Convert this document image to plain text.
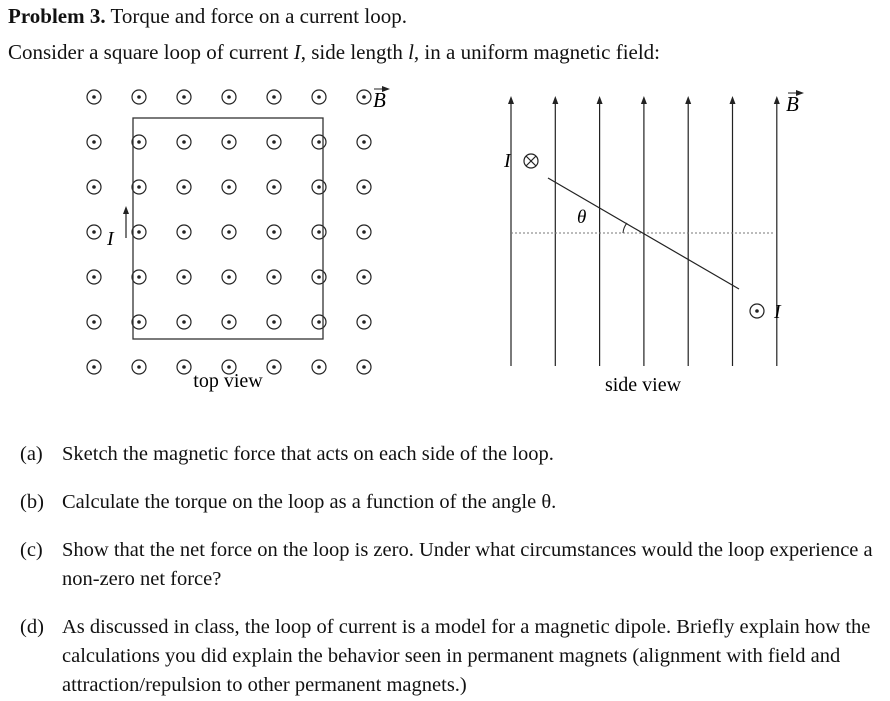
Problem 3. Torque and force on a current loop.
Consider a square loop of current I, side length l, in a uniform magnetic field:
I
B
top view
θ
I
I
B
side view
(a) Sketch the magnetic force that acts on each side of the loop.
(b) Calculate the torque on the loop as a function of the angle θ.
(c) Show that the net force on the loop is zero. Under what circumstances would the loop experience a non-zero net force?
(d) As discussed in class, the loop of current is a model for a magnetic dipole. Briefly explain how the calculations you did explain the behavior seen in permanent magnets (alignment with field and attraction/repulsion to other permanent magnets.)
